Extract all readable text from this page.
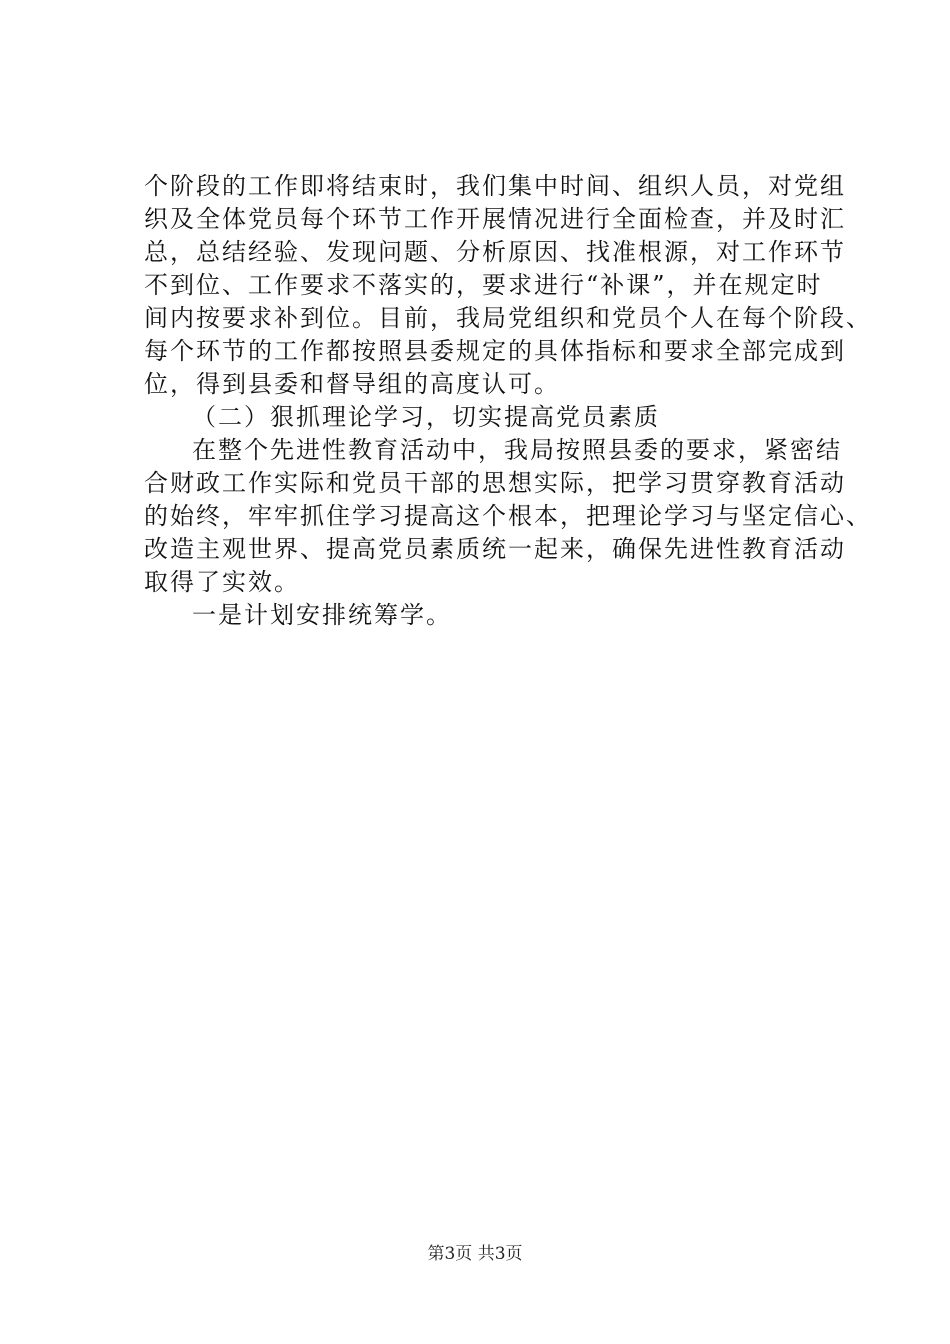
个阶段的工作即将结束时，我们集中时间、组织人员，对党组
织及全体党员每个环节工作开展情况进行全面检查，并及时汇
总，总结经验、发现问题、分析原因、找准根源，对工作环节
不到位、工作要求不落实的，要求进行“补课”，并在规定时
间内按要求补到位。目前，我局党组织和党员个人在每个阶段、
每个环节的工作都按照县委规定的具体指标和要求全部完成到
位，得到县委和督导组的高度认可。
（二）狠抓理论学习，切实提高党员素质
在整个先进性教育活动中，我局按照县委的要求，紧密结
合财政工作实际和党员干部的思想实际，把学习贯穿教育活动
的始终，牢牢抓住学习提高这个根本，把理论学习与坚定信心、
改造主观世界、提高党员素质统一起来，确保先进性教育活动
取得了实效。
一是计划安排统筹学。
第3页 共3页
